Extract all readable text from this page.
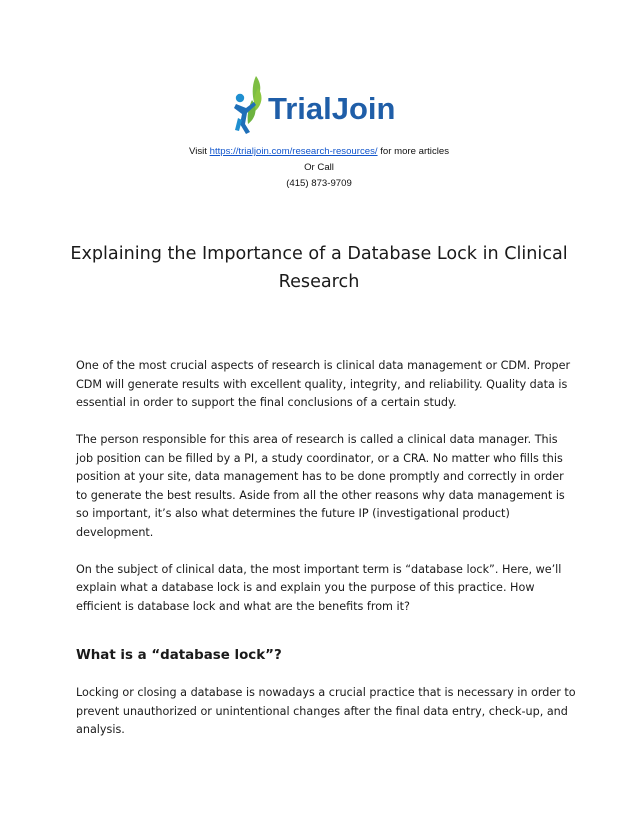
TrialJoin
Visit https://trialjoin.com/research-resources/ for more articles
Or Call
(415) 873-9709
Explaining the Importance of a Database Lock in Clinical Research

One of the most crucial aspects of research is clinical data management or CDM. Proper CDM will generate results with excellent quality, integrity, and reliability. Quality data is essential in order to support the final conclusions of a certain study.

The person responsible for this area of research is called a clinical data manager. This job position can be filled by a PI, a study coordinator, or a CRA. No matter who fills this position at your site, data management has to be done promptly and correctly in order to generate the best results. Aside from all the other reasons why data management is so important, it’s also what determines the future IP (investigational product) development.

On the subject of clinical data, the most important term is “database lock”. Here, we’ll explain what a database lock is and explain you the purpose of this practice. How efficient is database lock and what are the benefits from it?

What is a “database lock”?

Locking or closing a database is nowadays a crucial practice that is necessary in order to prevent unauthorized or unintentional changes after the final data entry, check-up, and analysis.
